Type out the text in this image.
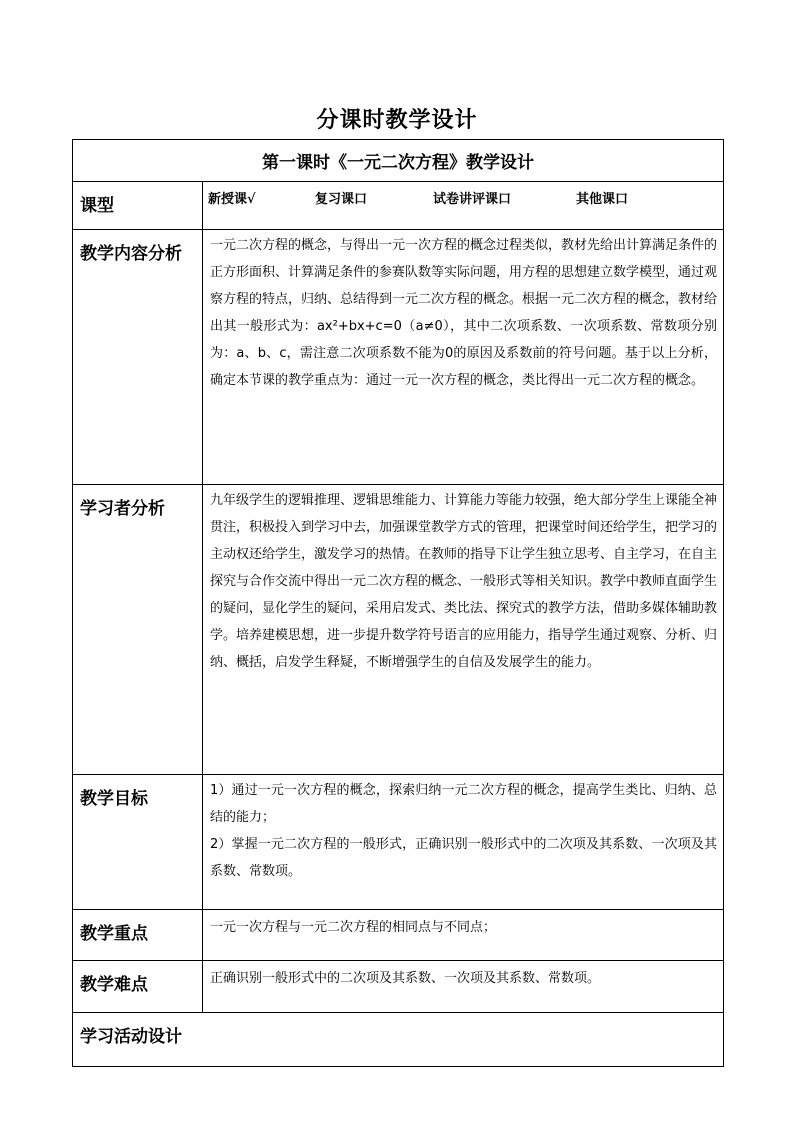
分课时教学设计
第一课时《一元二次方程》教学设计	
课型	新授课√ 复习课口 试卷讲评课口 其他课口

教学内容分析	一元二次方程的概念，与得出一元一次方程的概念过程类似，教材先给出计算满足条件的正方形面积、计算满足条件的参赛队数等实际问题，用方程的思想建立数学模型，通过观察方程的特点，归纳、总结得到一元二次方程的概念。根据一元二次方程的概念，教材给出其一般形式为：ax²+bx+c=0（a≠0），其中二次项系数、一次项系数、常数项分别为：a、b、c，需注意二次项系数不能为0的原因及系数前的符号问题。基于以上分析，确定本节课的教学重点为：通过一元一次方程的概念，类比得出一元二次方程的概念。
学习者分析	九年级学生的逻辑推理、逻辑思维能力、计算能力等能力较强，绝大部分学生上课能全神贯注，积极投入到学习中去，加强课堂教学方式的管理，把课堂时间还给学生，把学习的主动权还给学生，激发学习的热情。在教师的指导下让学生独立思考、自主学习，在自主探究与合作交流中得出一元二次方程的概念、一般形式等相关知识。教学中教师直面学生的疑问，显化学生的疑问，采用启发式、类比法、探究式的教学方法，借助多媒体辅助教学。培养建模思想，进一步提升数学符号语言的应用能力，指导学生通过观察、分析、归纳、概括，启发学生释疑，不断增强学生的自信及发展学生的能力。
教学目标	1）通过一元一次方程的概念，探索归纳一元二次方程的概念，提高学生类比、归纳、总结的能力；

2）掌握一元二次方程的一般形式，正确识别一般形式中的二次项及其系数、一次项及其系数、常数项。

教学重点	一元一次方程与一元二次方程的相同点与不同点；
教学难点	正确识别一般形式中的二次项及其系数、一次项及其系数、常数项。
学习活动设计	
